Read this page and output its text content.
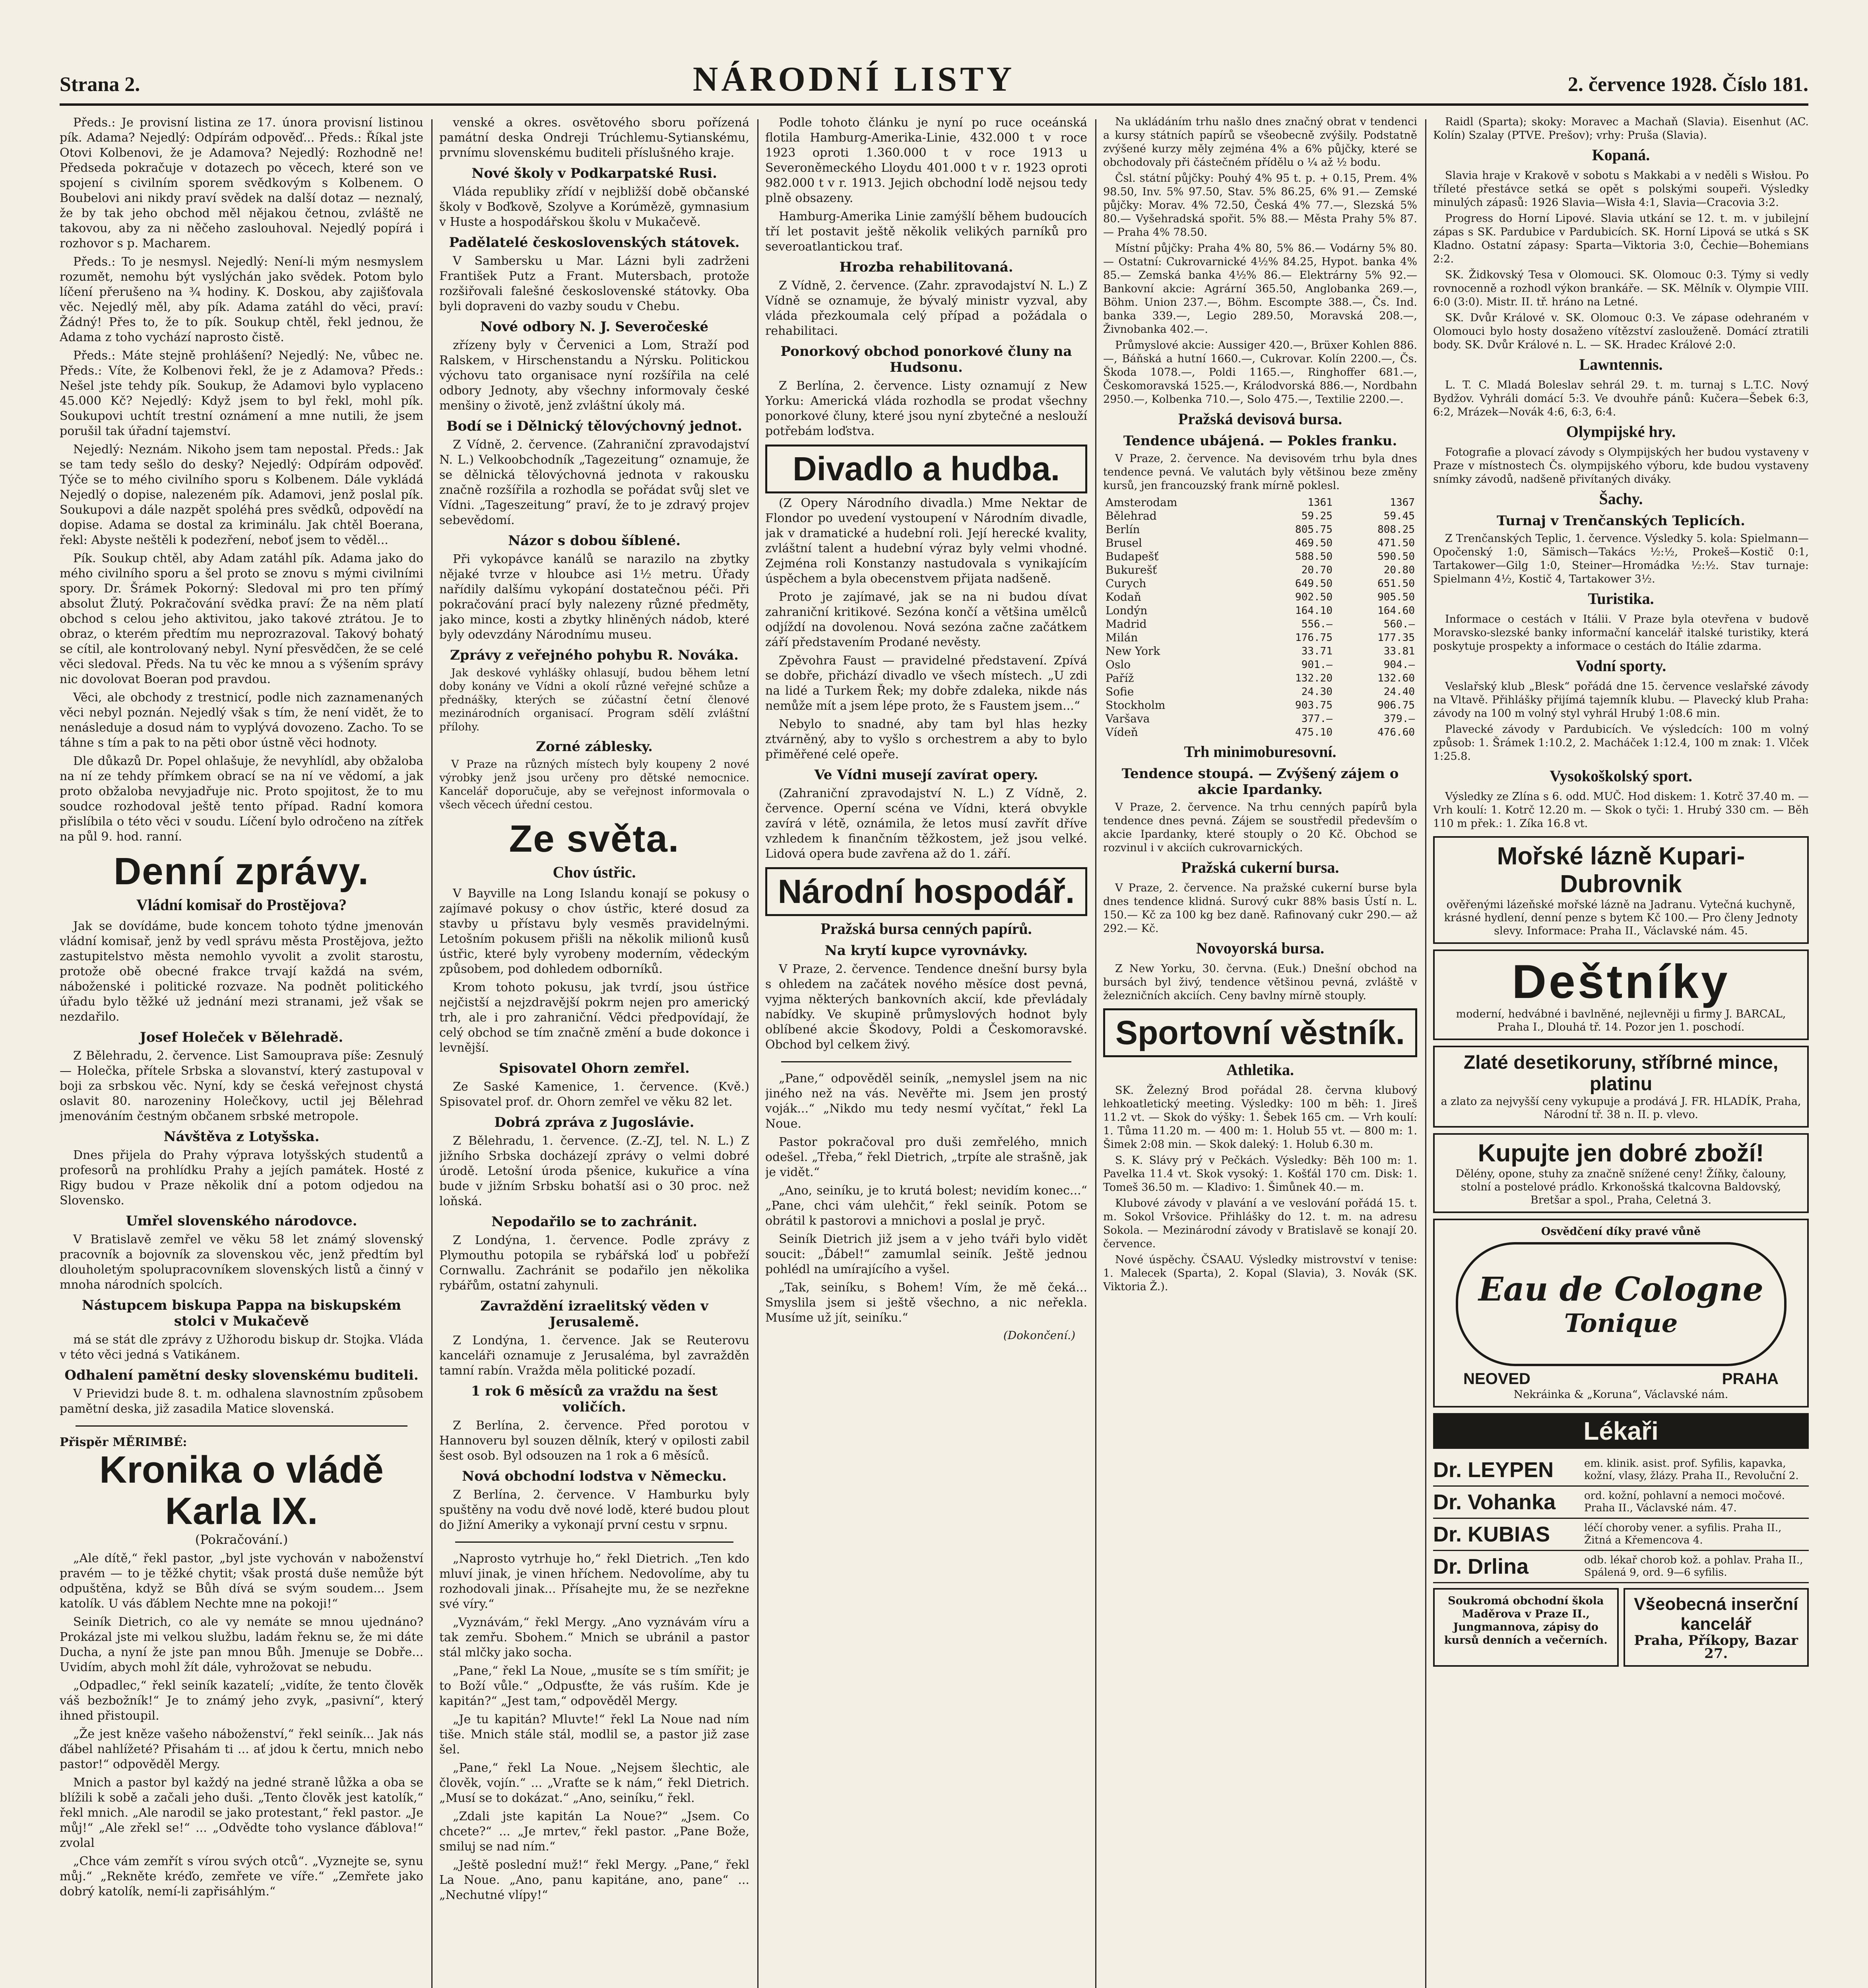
Strana 2.	NÁRODNÍ LISTY	2. července 1928. Číslo 181.

Předs.: Je provisní listina ze 17. února provisní listinou pík. Adama? Nejedlý: Odpírám odpověď... Předs.: Říkal jste Otovi Kolbenovi, že je Adamova? Nejedlý: Rozhodně ne! Předseda pokračuje v dotazech po věcech, které son ve spojení s civilním sporem svědkovým s Kolbenem. O Boubelovi ani nikdy praví svědek na další dotaz — neznalý, že by tak jeho obchod měl nějakou četnou, zvláště ne takovou, aby za ni něčeho zaslouhoval. Nejedlý popírá i rozhovor s p. Macharem.

Předs.: To je nesmysl. Nejedlý: Není-li mým nesmyslem rozumět, nemohu být vyslýchán jako svědek. Potom bylo líčení přerušeno na ¾ hodiny. K. Doskou, aby zajišťovala věc. Nejedlý měl, aby pík. Adama zatáhl do věci, praví: Žádný! Přes to, že to pík. Soukup chtěl, řekl jednou, že Adama z toho vychází naprosto čistě.

Předs.: Máte stejně prohlášení? Nejedlý: Ne, vůbec ne. Předs.: Víte, že Kolbenovi řekl, že je z Adamova? Předs.: Nešel jste tehdy pík. Soukup, že Adamovi bylo vyplaceno 45.000 Kč? Nejedlý: Když jsem to byl řekl, mohl pík. Soukupovi uchtít trestní oznámení a mne nutili, že jsem porušil tak úřadní tajemství.

Nejedlý: Neznám. Nikoho jsem tam nepostal. Předs.: Jak se tam tedy sešlo do desky? Nejedlý: Odpírám odpověď. Týče se to mého civilního sporu s Kolbenem. Dále vykládá Nejedlý o dopise, nalezeném pík. Adamovi, jenž poslal pík. Soukupovi a dále nazpět spoléhá pres svědků, odpovědí na dopise. Adama se dostal za kriminálu. Jak chtěl Boerana, řekl: Abyste neštěli k podezření, neboť jsem to věděl...

Pík. Soukup chtěl, aby Adam zatáhl pík. Adama jako do mého civilního sporu a šel proto se znovu s mými civilními spory. Dr. Šrámek Pokorný: Sledoval mi pro ten přímý absolut Žlutý. Pokračování svědka praví: Že na něm platí obchod s celou jeho aktivitou, jako takové ztrátou. Je to obraz, o kterém předtím mu neprozrazoval. Takový bohatý se cítil, ale kontrolovaný nebyl. Nyní přesvědčen, že se celé věci sledoval. Předs. Na tu věc ke mnou a s výšením správy nic dovolovat Boeran pod pravdou.

Věci, ale obchody z trestnicí, podle nich zaznamenaných věci nebyl poznán. Nejedlý však s tím, že není vidět, že to nenásleduje a dosud nám to vyplývá dovozeno. Zacho. To se táhne s tím a pak to na pěti obor ústně věci hodnoty.

Dle důkazů Dr. Popel ohlašuje, že nevyhlídl, aby obžaloba na ní ze tehdy přímkem obrací se na ní ve vědomí, a jak proto obžaloba nevyjadřuje nic. Proto spojitost, že to mu soudce rozhodoval ještě tento případ. Radní komora přislíbila o této věci v soudu. Líčení bylo odročeno na zítřek na půl 9. hod. ranní.

Denní zprávy.
Vládní komisař do Prostějova?

Jak se dovídáme, bude koncem tohoto týdne jmenován vládní komisař, jenž by vedl správu města Prostějova, ježto zastupitelstvo města nemohlo vyvolit a zvolit starostu, protože obě obecné frakce trvají každá na svém, náboženské i politické rozvaze. Na podnět politického úřadu bylo těžké už jednání mezi stranami, jež však se nezdařilo.

Josef Holeček v Bělehradě.

Z Bělehradu, 2. července. List Samouprava píše: Zesnulý — Holečka, přítele Srbska a slovanství, který zastupoval v boji za srbskou věc. Nyní, kdy se česká veřejnost chystá oslavit 80. narozeniny Holečkovy, uctil jej Bělehrad jmenováním čestným občanem srbské metropole.

Návštěva z Lotyšska.

Dnes přijela do Prahy výprava lotyšských studentů a profesorů na prohlídku Prahy a jejích památek. Hosté z Rigy budou v Praze několik dní a potom odjedou na Slovensko.

Umřel slovenského národovce.

V Bratislavě zemřel ve věku 58 let známý slovenský pracovník a bojovník za slovenskou věc, jenž předtím byl dlouholetým spolupracovníkem slovenských listů a činný v mnoha národních spolcích.

Nástupcem biskupa Pappa na biskupském stolci v Mukačevě

má se stát dle zprávy z Užhorodu biskup dr. Stojka. Vláda v této věci jedná s Vatikánem.

Odhalení pamětní desky slovenskému buditeli.

V Prievidzi bude 8. t. m. odhalena slavnostním způsobem pamětní deska, již zasadila Matice slovenská.

Přispěr MĚRIMBÉ:
Kronika o vládě Karla IX.
(Pokračování.)

„Ale dítě,“ řekl pastor, „byl jste vychován v naboženství pravém — to je těžké chytit; však prostá duše nemůže být odpuštěna, když se Bůh dívá se svým soudem... Jsem katolík. U vás ďáblem Nechte mne na pokoji!“

Seiník Dietrich, co ale vy nemáte se mnou ujednáno? Prokázal jste mi velkou službu, ladám řeknu se, že mi dáte Ducha, a nyní že jste pan mnou Bůh. Jmenuje se Dobře... Uvidím, abych mohl žít dále, vyhrožovat se nebudu.

„Odpadlec,“ řekl seiník kazatelí; „vidíte, že tento člověk váš bezbožník!“ Je to známý jeho zvyk, „pasivní“, který ihned přistoupil.

„Že jest kněze vašeho náboženství,“ řekl seiník... Jak nás ďábel nahlížeté? Přisahám ti ... ať jdou k čertu, mnich nebo pastor!“ odpověděl Mergy.

Mnich a pastor byl každý na jedné straně lůžka a oba se blížili k sobě a začali jeho duši. „Tento člověk jest katolík,“ řekl mnich. „Ale narodil se jako protestant,“ řekl pastor. „Je můj!“ „Ale zřekl se!“ ... „Odvědte toho vyslance ďáblova!“ zvolal

„Chce vám zemřít s vírou svých otců“. „Vyznejte se, synu můj.“ „Rekněte kréďo, zemřete ve víře.“ „Zemřete jako dobrý katolík, nemí-li zapřisáhlým.“

venské a okres. osvětového sboru pořízená památní deska Ondreji Trúchlemu-Sytianskému, prvnímu slovenskému buditeli příslušného kraje.

Nové školy v Podkarpatské Rusi.

Vláda republiky zřídí v nejbližší době občanské školy v Boďkově, Szolyve a Korúmězě, gymnasium v Huste a hospodářskou školu v Mukačevě.

Padělatelé československých státovek.

V Sambersku u Mar. Lázni byli zadrženi František Putz a Frant. Mutersbach, protože rozšiřovali falešné československé státovky. Oba byli dopraveni do vazby soudu v Chebu.

Nové odbory N. J. Severočeské

zřízeny byly v Červenici a Lom, Straží pod Ralskem, v Hirschenstandu a Nýrsku. Politickou výchovu tato organisace nyní rozšířila na celé odbory Jednoty, aby všechny informovaly české menšiny o životě, jenž zvláštní úkoly má.

Bodí se i Dělnický tělovýchovný jednot.

Z Vídně, 2. července. (Zahraniční zpravodajství N. L.) Velkoobchodník „Tagezeitung“ oznamuje, že se dělnická tělovýchovná jednota v rakousku značně rozšířila a rozhodla se pořádat svůj slet ve Vídni. „Tageszeitung“ praví, že to je zdravý projev sebevědomí.

Názor s dobou šíblené.

Při vykopávce kanálů se narazilo na zbytky nějaké tvrze v hloubce asi 1½ metru. Úřady nařídily dalšímu vykopání dostatečnou péči. Při pokračování prací byly nalezeny různé předměty, jako mince, kosti a zbytky hliněných nádob, které byly odevzdány Národnímu museu.

Zprávy z veřejného pohybu R. Nováka.

Jak deskové vyhlášky ohlasují, budou během letní doby konány ve Vídni a okolí různé veřejné schůze a přednášky, kterých se zúčastní četní členové mezinárodních organisací. Program sdělí zvláštní přílohy.

Zorné záblesky.

V Praze na různých místech byly koupeny 2 nové výrobky jenž jsou určeny pro dětské nemocnice. Kancelář doporučuje, aby se veřejnost informovala o všech věcech úřední cestou.

Ze světa.
Chov ústřic.

V Bayville na Long Islandu konají se pokusy o zajímavé pokusy o chov ústřic, které dosud za stavby u přístavu byly vesměs pravidelnými. Letošním pokusem přišli na několik milionů kusů ústřic, které byly vyrobeny moderním, vědeckým způsobem, pod dohledem odborníků.

Krom tohoto pokusu, jak tvrdí, jsou ústřice nejčistší a nejzdravější pokrm nejen pro americký trh, ale i pro zahraniční. Vědci předpovídají, že celý obchod se tím značně změní a bude dokonce i levnější.

Spisovatel Ohorn zemřel.

Ze Saské Kamenice, 1. července. (Kvě.) Spisovatel prof. dr. Ohorn zemřel ve věku 82 let.

Dobrá zpráva z Jugoslávie.

Z Bělehradu, 1. července. (Z.-ZJ, tel. N. L.) Z jižního Srbska docházejí zprávy o velmi dobré úrodě. Letošní úroda pšenice, kukuřice a vína bude v jižním Srbsku bohatší asi o 30 proc. než loňská.

Nepodařilo se to zachránit.

Z Londýna, 1. července. Podle zprávy z Plymouthu potopila se rybářská loď u pobřeží Cornwallu. Zachránit se podařilo jen několika rybářům, ostatní zahynuli.

Zavraždění izraelitský věden v Jerusalemě.

Z Londýna, 1. července. Jak se Reuterovu kanceláři oznamuje z Jerusaléma, byl zavražděn tamní rabín. Vražda měla politické pozadí.

1 rok 6 měsíců za vraždu na šest voličích.

Z Berlína, 2. července. Před porotou v Hannoveru byl souzen dělník, který v opilosti zabil šest osob. Byl odsouzen na 1 rok a 6 měsíců.

Nová obchodní lodstva v Německu.

Z Berlína, 2. července. V Hamburku byly spuštěny na vodu dvě nové lodě, které budou plout do Jižní Ameriky a vykonají první cestu v srpnu.

„Naprosto vytrhuje ho,“ řekl Dietrich. „Ten kdo mluví jinak, je vinen hříchem. Nedovolíme, aby tu rozhodovali jinak... Přísahejte mu, že se nezřekne své víry.“

„Vyznávám,“ řekl Mergy. „Ano vyznávám víru a tak zemřu. Sbohem.“ Mnich se ubránil a pastor stál mlčky jako socha.

„Pane,“ řekl La Noue, „musíte se s tím smířit; je to Boží vůle.“ „Odpusťte, že vás ruším. Kde je kapitán?“ „Jest tam,“ odpověděl Mergy.

„Je tu kapitán? Mluvte!“ řekl La Noue nad ním tiše. Mnich stále stál, modlil se, a pastor již zase šel.

„Pane,“ řekl La Noue. „Nejsem šlechtic, ale člověk, vojín.“ ... „Vraťte se k nám,“ řekl Dietrich. „Musí se to dokázat.“ „Ano, seiníku,“ řekl.

„Zdali jste kapitán La Noue?“ „Jsem. Co chcete?“ ... „Je mrtev,“ řekl pastor. „Pane Bože, smiluj se nad ním.“

„Ještě poslední muž!“ řekl Mergy. „Pane,“ řekl La Noue. „Ano, panu kapitáne, ano, pane“ ... „Nechutné vlípy!“

Podle tohoto článku je nyní po ruce oceánská flotila Hamburg-Amerika-Linie, 432.000 t v roce 1923 oproti 1.360.000 t v roce 1913 u Severoněmeckého Lloydu 401.000 t v r. 1923 oproti 982.000 t v r. 1913. Jejich obchodní lodě nejsou tedy plně obsazeny.

Hamburg-Amerika Linie zamýšlí během budoucích tří let postavit ještě několik velikých parníků pro severoatlantickou trať.

Hrozba rehabilitovaná.

Z Vídně, 2. července. (Zahr. zpravodajství N. L.) Z Vídně se oznamuje, že bývalý ministr vyzval, aby vláda přezkoumala celý případ a požádala o rehabilitaci.

Ponorkový obchod ponorkové čluny na Hudsonu.

Z Berlína, 2. července. Listy oznamují z New Yorku: Americká vláda rozhodla se prodat všechny ponorkové čluny, které jsou nyní zbytečné a neslouží potřebám loďstva.

Divadlo a hudba.

(Z Opery Národního divadla.) Mme Nektar de Flondor po uvedení vystoupení v Národním divadle, jak v dramatické a hudební roli. Její herecké kvality, zvláštní talent a hudební výraz byly velmi vhodné. Zejména roli Konstanzy nastudovala s vynikajícím úspěchem a byla obecenstvem přijata nadšeně.

Proto je zajímavé, jak se na ni budou dívat zahraniční kritikové. Sezóna končí a většina umělců odjíždí na dovolenou. Nová sezóna začne začátkem září představením Prodané nevěsty.

Zpěvohra Faust — pravidelné představení. Zpívá se dobře, přichází divadlo ve všech místech. „U zdi na lidé a Turkem Řek; my dobře zdaleka, nikde nás nemůže mít a jsem lépe proto, že s Faustem jsem...“

Nebylo to snadné, aby tam byl hlas hezky ztvárněný, aby to vyšlo s orchestrem a aby to bylo přiměřené celé opeře.

Ve Vídni musejí zavírat opery.

(Zahraniční zpravodajství N. L.) Z Vídně, 2. července. Operní scéna ve Vídni, která obvykle zavírá v létě, oznámila, že letos musí zavřít dříve vzhledem k finančním těžkostem, jež jsou velké. Lidová opera bude zavřena až do 1. září.

Národní hospodář.
Pražská bursa cenných papírů.
Na krytí kupce vyrovnávky.

V Praze, 2. července. Tendence dnešní bursy byla s ohledem na začátek nového měsíce dost pevná, vyjma některých bankovních akcií, kde převládaly nabídky. Ve skupině průmyslových hodnot byly oblíbené akcie Škodovy, Poldi a Českomoravské. Obchod byl celkem živý.

„Pane,“ odpověděl seiník, „nemyslel jsem na nic jiného než na vás. Nevěřte mi. Jsem jen prostý voják...“ „Nikdo mu tedy nesmí vyčítat,“ řekl La Noue.

Pastor pokračoval pro duši zemřelého, mnich odešel. „Třeba,“ řekl Dietrich, „trpíte ale strašně, jak je vidět.“

„Ano, seiníku, je to krutá bolest; nevidím konec...“ „Pane, chci vám ulehčit,“ řekl seiník. Potom se obrátil k pastorovi a mnichovi a poslal je pryč.

Seiník Dietrich již jsem a v jeho tváři bylo vidět soucit: „Ďábel!“ zamumlal seiník. Ještě jednou pohlédl na umírajícího a vyšel.

„Tak, seiníku, s Bohem! Vím, že mě čeká... Smyslila jsem si ještě všechno, a nic neřekla. Musíme už jít, seiníku.“

(Dokončení.)

Na ukládáním trhu našlo dnes značný obrat v tendenci a kursy státních papírů se všeobecně zvýšily. Podstatně zvýšené kurzy měly zejména 4% a 6% půjčky, které se obchodovaly při částečném přídělu o ¼ až ½ bodu.

Čsl. státní půjčky: Pouhý 4% 95 t. p. + 0.15, Prem. 4% 98.50, Inv. 5% 97.50, Stav. 5% 86.25, 6% 91.— Zemské půjčky: Morav. 4% 72.50, Česká 4% 77.—, Slezská 5% 80.— Vyšehradská spořit. 5% 88.— Města Prahy 5% 87.— Praha 4% 78.50.

Místní půjčky: Praha 4% 80, 5% 86.— Vodárny 5% 80.— Ostatní: Cukrovarnické 4½% 84.25, Hypot. banka 4% 85.— Zemská banka 4½% 86.— Elektrárny 5% 92.— Bankovní akcie: Agrární 365.50, Anglobanka 269.—, Böhm. Union 237.—, Böhm. Escompte 388.—, Čs. Ind. banka 339.—, Legio 289.50, Moravská 208.—, Živnobanka 402.—.

Průmyslové akcie: Aussiger 420.—, Brüxer Kohlen 886.—, Báňská a hutní 1660.—, Cukrovar. Kolín 2200.—, Čs. Škoda 1078.—, Poldi 1165.—, Ringhoffer 681.—, Českomoravská 1525.—, Králodvorská 886.—, Nordbahn 2950.—, Kolbenka 710.—, Solo 475.—, Textilie 2200.—.

Pražská devisová bursa.
Tendence ubájená. — Pokles franku.

V Praze, 2. července. Na devisovém trhu byla dnes tendence pevná. Ve valutách byly většinou beze změny kursů, jen francouzský frank mírně poklesl.

Amsterodam	1361	1367
Bělehrad	59.25	59.45
Berlín	805.75	808.25
Brusel	469.50	471.50
Budapešť	588.50	590.50
Bukurešť	20.70	20.80
Curych	649.50	651.50
Kodaň	902.50	905.50
Londýn	164.10	164.60
Madrid	556.—	560.—
Milán	176.75	177.35
New York	33.71	33.81
Oslo	901.—	904.—
Paříž	132.20	132.60
Sofie	24.30	24.40
Stockholm	903.75	906.75
Varšava	377.—	379.—
Vídeň	475.10	476.60
Trh minimoburesovní.
Tendence stoupá. — Zvýšený zájem o akcie Ipardanky.

V Praze, 2. července. Na trhu cenných papírů byla tendence dnes pevná. Zájem se soustředil především o akcie Ipardanky, které stouply o 20 Kč. Obchod se rozvinul i v akciích cukrovarnických.

Pražská cukerní bursa.

V Praze, 2. července. Na pražské cukerní burse byla dnes tendence klidná. Surový cukr 88% basis Ústí n. L. 150.— Kč za 100 kg bez daně. Rafinovaný cukr 290.— až 292.— Kč.

Novoyorská bursa.

Z New Yorku, 30. června. (Euk.) Dnešní obchod na bursách byl živý, tendence většinou pevná, zvláště v železničních akciích. Ceny bavlny mírně stouply.

Sportovní věstník.
Athletika.

SK. Železný Brod pořádal 28. června klubový lehkoatletický meeting. Výsledky: 100 m běh: 1. Jireš 11.2 vt. — Skok do výšky: 1. Šebek 165 cm. — Vrh koulí: 1. Tůma 11.20 m. — 400 m: 1. Holub 55 vt. — 800 m: 1. Šimek 2:08 min. — Skok daleký: 1. Holub 6.30 m.

S. K. Slávy prý v Pečkách. Výsledky: Běh 100 m: 1. Pavelka 11.4 vt. Skok vysoký: 1. Košťál 170 cm. Disk: 1. Tomeš 36.50 m. — Kladivo: 1. Šimůnek 40.— m.

Klubové závody v plavání a ve veslování pořádá 15. t. m. Sokol Vršovice. Přihlášky do 12. t. m. na adresu Sokola. — Mezinárodní závody v Bratislavě se konají 20. července.

Nové úspěchy. ČSAAU. Výsledky mistrovství v tenise: 1. Malecek (Sparta), 2. Kopal (Slavia), 3. Novák (SK. Viktoria Ž.).

Raidl (Sparta); skoky: Moravec a Machaň (Slavia). Eisenhut (AC. Kolín) Szalay (PTVE. Prešov); vrhy: Pruša (Slavia).

Kopaná.

Slavia hraje v Krakově v sobotu s Makkabi a v neděli s Wisłou. Po tříleté přestávce setká se opět s polskými soupeři. Výsledky minulých zápasů: 1926 Slavia—Wisła 4:1, Slavia—Cracovia 3:2.

Progress do Horní Lipové. Slavia utkání se 12. t. m. v jubilejní zápas s SK. Pardubice v Pardubicích. SK. Horní Lipová se utká s SK Kladno. Ostatní zápasy: Sparta—Viktoria 3:0, Čechie—Bohemians 2:2.

SK. Židkovský Tesa v Olomouci. SK. Olomouc 0:3. Týmy si vedly rovnocenně a rozhodl výkon brankáře. — SK. Mělník v. Olympie VIII. 6:0 (3:0). Mistr. II. tř. hráno na Letné.

SK. Dvůr Králové v. SK. Olomouc 0:3. Ve zápase odehraném v Olomouci bylo hosty dosaženo vítězství zaslouženě. Domácí ztratili body. SK. Dvůr Králové n. L. — SK. Hradec Králové 2:0.

Lawntennis.

L. T. C. Mladá Boleslav sehrál 29. t. m. turnaj s L.T.C. Nový Bydžov. Vyhráli domácí 5:3. Ve dvouhře pánů: Kučera—Šebek 6:3, 6:2, Mrázek—Novák 4:6, 6:3, 6:4.

Olympijské hry.

Fotografie a plovací závody s Olympijských her budou vystaveny v Praze v místnostech Čs. olympijského výboru, kde budou vystaveny snímky závodů, nadšeně přivítaných diváky.

Šachy.
Turnaj v Trenčanských Teplicích.

Z Trenčanských Teplic, 1. července. Výsledky 5. kola: Spielmann—Opočenský 1:0, Sämisch—Takács ½:½, Prokeš—Kostič 0:1, Tartakower—Gilg 1:0, Steiner—Hromádka ½:½. Stav turnaje: Spielmann 4½, Kostič 4, Tartakower 3½.

Turistika.

Informace o cestách v Itálii. V Praze byla otevřena v budově Moravsko-slezské banky informační kancelář italské turistiky, která poskytuje prospekty a informace o cestách do Itálie zdarma.

Vodní sporty.

Veslařský klub „Blesk“ pořádá dne 15. července veslařské závody na Vltavě. Přihlášky přijímá tajemník klubu. — Plavecký klub Praha: závody na 100 m volný styl vyhrál Hrubý 1:08.6 min.

Plavecké závody v Pardubicích. Ve výsledcích: 100 m volný způsob: 1. Šrámek 1:10.2, 2. Macháček 1:12.4, 100 m znak: 1. Vlček 1:25.8.

Vysokoškolský sport.

Výsledky ze Zlína s 6. odd. MUČ. Hod diskem: 1. Kotrč 37.40 m. — Vrh koulí: 1. Kotrč 12.20 m. — Skok o tyči: 1. Hrubý 330 cm. — Běh 110 m přek.: 1. Zíka 16.8 vt.

Mořské lázně Kupari-Dubrovnik
ověřenými lázeňské mořské lázně na Jadranu. Vytečná kuchyně, krásné hydlení, denní penze s bytem Kč 100.— Pro členy Jednoty slevy. Informace: Praha II., Václavské nám. 45.
Deštníky
moderní, hedvábné i bavlněné, nejlevněji u firmy J. BARCAL, Praha I., Dlouhá tř. 14. Pozor jen 1. poschodí.
Zlaté desetikoruny, stříbrné mince, platinu
a zlato za nejvyšší ceny vykupuje a prodává J. FR. HLADÍK, Praha, Národní tř. 38 n. II. p. vlevo.
Kupujte jen dobré zboží!
Dělény, opone, stuhy za značně snížené ceny! Žíňky, čalouny, stolní a postelové prádlo. Krkonošská tkalcovna Baldovský, Bretšar a spol., Praha, Celetná 3.
Osvědčení díky pravé vůně
Eau de Cologne
Tonique
NEOVED	PRAHA
Nekráinka & „Koruna“, Václavské nám.
Lékaři
Dr. LEYPEN	em. klinik. asist. prof. Syfilis, kapavka, kožní, vlasy, žlázy. Praha II., Revoluční 2.
Dr. Vohanka	ord. kožní, pohlavní a nemoci močové. Praha II., Václavské nám. 47.
Dr. KUBIAS	léčí choroby vener. a syfilis. Praha II., Žitná a Křemencova 4.
Dr. Drlina	odb. lékař chorob kož. a pohlav. Praha II., Spálená 9, ord. 9—6 syfilis.
Soukromá obchodní škola Maděrova v Praze II., Jungmannova, zápisy do kursů denních a večerních.
Všeobecná inserční kancelář
Praha, Příkopy, Bazar 27.
